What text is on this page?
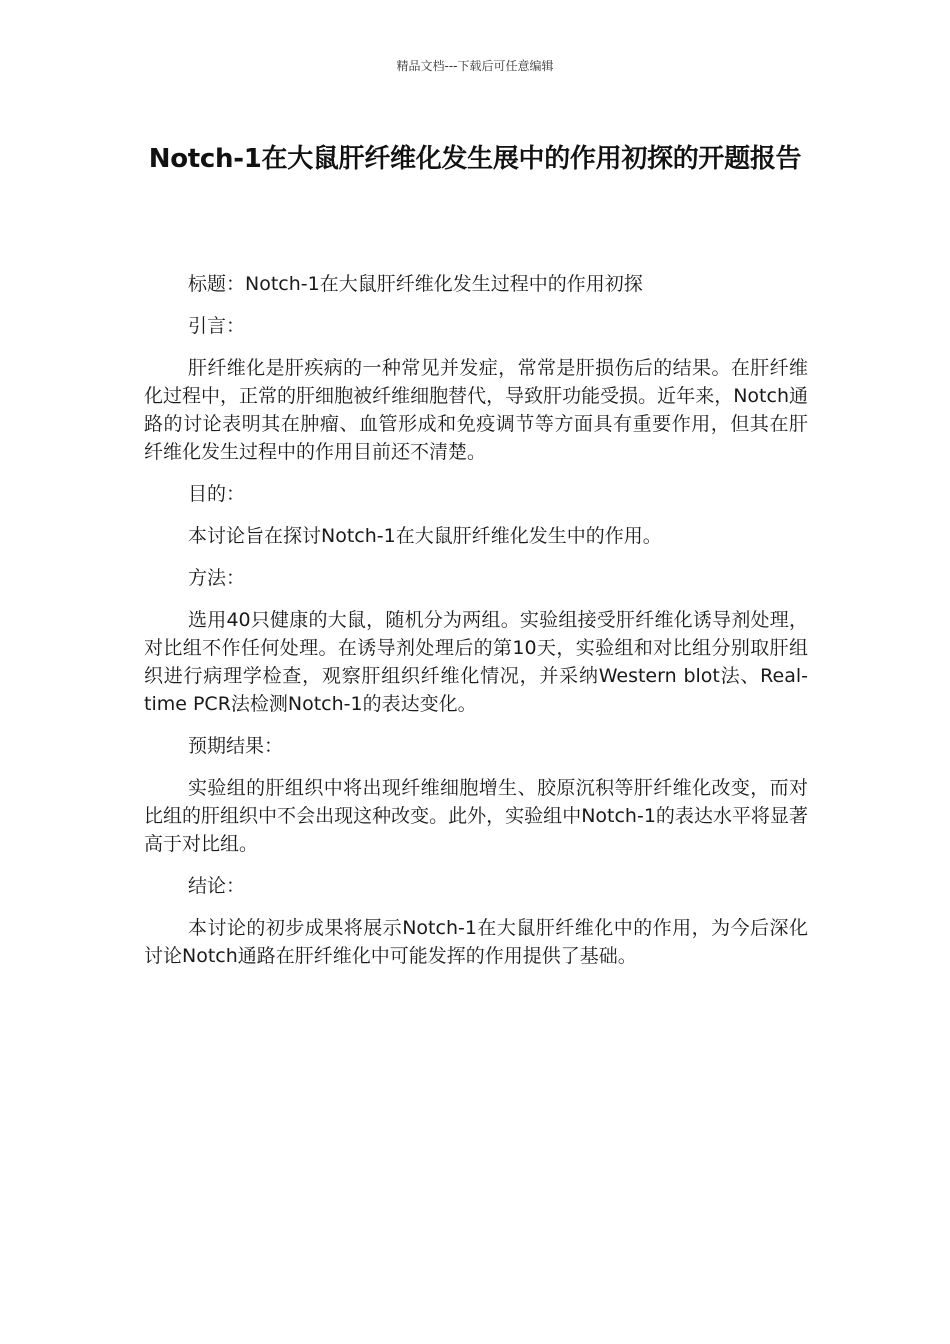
精品文档---下载后可任意编辑
Notch-1在大鼠肝纤维化发生展中的作用初探的开题报告

标题：Notch-1在大鼠肝纤维化发生过程中的作用初探

引言：

肝纤维化是肝疾病的一种常见并发症，常常是肝损伤后的结果。在肝纤维化过程中，正常的肝细胞被纤维细胞替代，导致肝功能受损。近年来，Notch通路的讨论表明其在肿瘤、血管形成和免疫调节等方面具有重要作用，但其在肝纤维化发生过程中的作用目前还不清楚。

目的：

本讨论旨在探讨Notch-1在大鼠肝纤维化发生中的作用。

方法：

选用40只健康的大鼠，随机分为两组。实验组接受肝纤维化诱导剂处理，对比组不作任何处理。在诱导剂处理后的第10天，实验组和对比组分别取肝组织进行病理学检查，观察肝组织纤维化情况，并采纳Western blot法、Real-time PCR法检测Notch-1的表达变化。

预期结果：

实验组的肝组织中将出现纤维细胞增生、胶原沉积等肝纤维化改变，而对比组的肝组织中不会出现这种改变。此外，实验组中Notch-1的表达水平将显著高于对比组。

结论：

本讨论的初步成果将展示Notch-1在大鼠肝纤维化中的作用，为今后深化讨论Notch通路在肝纤维化中可能发挥的作用提供了基础。
